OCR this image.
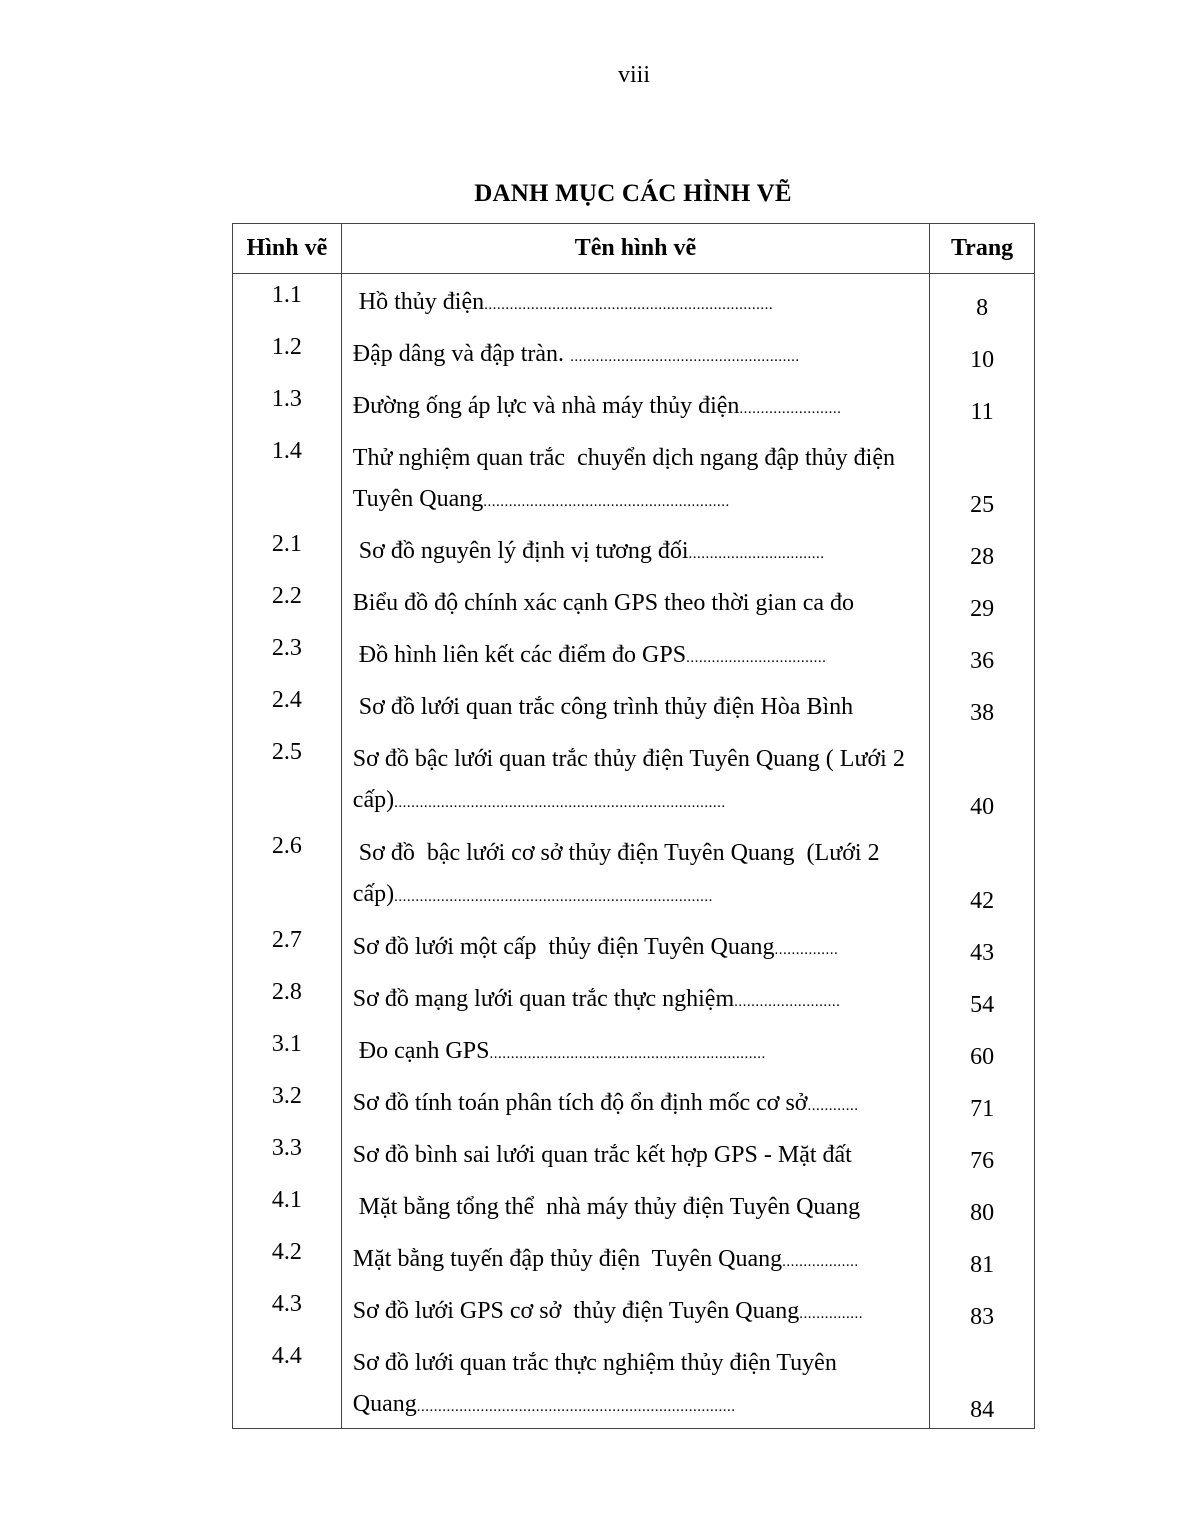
viii
DANH MỤC CÁC HÌNH VẼ
Hình vẽ	Tên hình vẽ	Trang
1.1	Hồ thủy điện....................................................................	8
1.2	Đập dâng và đập tràn. ......................................................	10
1.3	Đường ống áp lực và nhà máy thủy điện........................	11
1.4	Thử nghiệm quan trắc  chuyển dịch ngang đập thủy điện Tuyên Quang..........................................................	25
2.1	Sơ đồ nguyên lý định vị tương đối................................	28
2.2	Biểu đồ độ chính xác cạnh GPS theo thời gian ca đo	29
2.3	Đồ hình liên kết các điểm đo GPS.................................	36
2.4	Sơ đồ lưới quan trắc công trình thủy điện Hòa Bình	38
2.5	Sơ đồ bậc lưới quan trắc thủy điện Tuyên Quang ( Lưới 2 cấp)..............................................................................	40
2.6	Sơ đồ  bậc lưới cơ sở thủy điện Tuyên Quang  (Lưới 2 cấp)...........................................................................	42
2.7	Sơ đồ lưới một cấp  thủy điện Tuyên Quang...............	43
2.8	Sơ đồ mạng lưới quan trắc thực nghiệm.........................	54
3.1	Đo cạnh GPS.................................................................	60
3.2	Sơ đồ tính toán phân tích độ ổn định mốc cơ sở............	71
3.3	Sơ đồ bình sai lưới quan trắc kết hợp GPS - Mặt đất	76
4.1	Mặt bằng tổng thể  nhà máy thủy điện Tuyên Quang	80
4.2	Mặt bằng tuyến đập thủy điện  Tuyên Quang..................	81
4.3	Sơ đồ lưới GPS cơ sở  thủy điện Tuyên Quang...............	83
4.4	Sơ đồ lưới quan trắc thực nghiệm thủy điện Tuyên Quang...........................................................................	84
